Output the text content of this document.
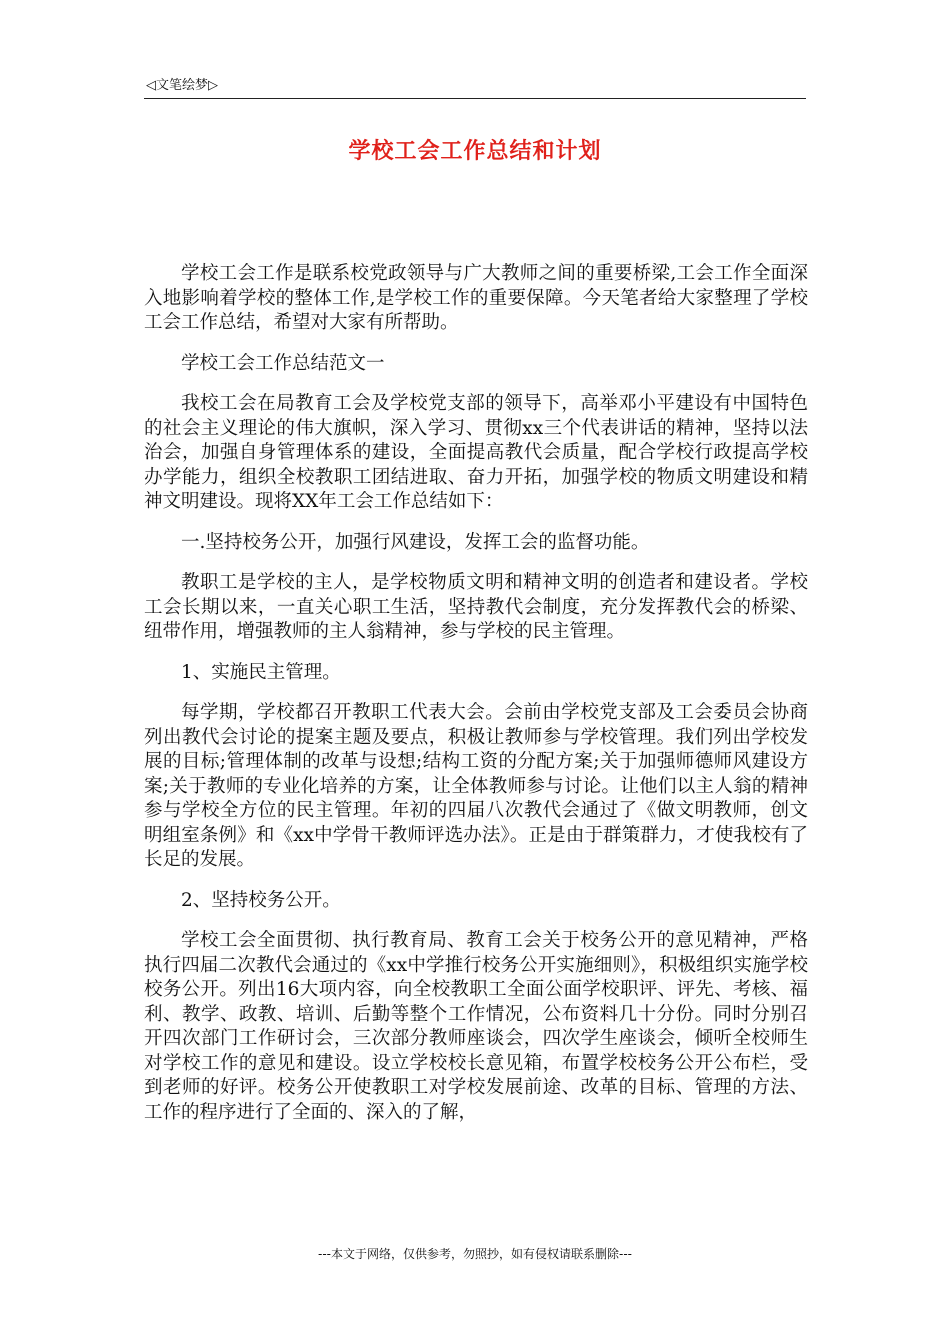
◁文笔绘梦▷
学校工会工作总结和计划

学校工会工作是联系校党政领导与广大教师之间的重要桥梁,工会工作全面深入地影响着学校的整体工作,是学校工作的重要保障。今天笔者给大家整理了学校工会工作总结，希望对大家有所帮助。

学校工会工作总结范文一

我校工会在局教育工会及学校党支部的领导下，高举邓小平建设有中国特色的社会主义理论的伟大旗帜，深入学习、贯彻xx三个代表讲话的精神，坚持以法治会，加强自身管理体系的建设，全面提高教代会质量，配合学校行政提高学校办学能力，组织全校教职工团结进取、奋力开拓，加强学校的物质文明建设和精神文明建设。现将XX年工会工作总结如下：

一.坚持校务公开，加强行风建设，发挥工会的监督功能。

教职工是学校的主人，是学校物质文明和精神文明的创造者和建设者。学校工会长期以来，一直关心职工生活，坚持教代会制度，充分发挥教代会的桥梁、纽带作用，增强教师的主人翁精神，参与学校的民主管理。

1、实施民主管理。

每学期，学校都召开教职工代表大会。会前由学校党支部及工会委员会协商列出教代会讨论的提案主题及要点，积极让教师参与学校管理。我们列出学校发展的目标;管理体制的改革与设想;结构工资的分配方案;关于加强师德师风建设方案;关于教师的专业化培养的方案，让全体教师参与讨论。让他们以主人翁的精神参与学校全方位的民主管理。年初的四届八次教代会通过了《做文明教师，创文明组室条例》和《xx中学骨干教师评选办法》。正是由于群策群力，才使我校有了长足的发展。

2、坚持校务公开。

学校工会全面贯彻、执行教育局、教育工会关于校务公开的意见精神，严格执行四届二次教代会通过的《xx中学推行校务公开实施细则》，积极组织实施学校校务公开。列出16大项内容，向全校教职工全面公面学校职评、评先、考核、福利、教学、政教、培训、后勤等整个工作情况，公布资料几十分份。同时分别召开四次部门工作研讨会，三次部分教师座谈会，四次学生座谈会，倾听全校师生对学校工作的意见和建设。设立学校校长意见箱，布置学校校务公开公布栏，受到老师的好评。校务公开使教职工对学校发展前途、改革的目标、管理的方法、工作的程序进行了全面的、深入的了解，

---本文于网络，仅供参考，勿照抄，如有侵权请联系删除---
